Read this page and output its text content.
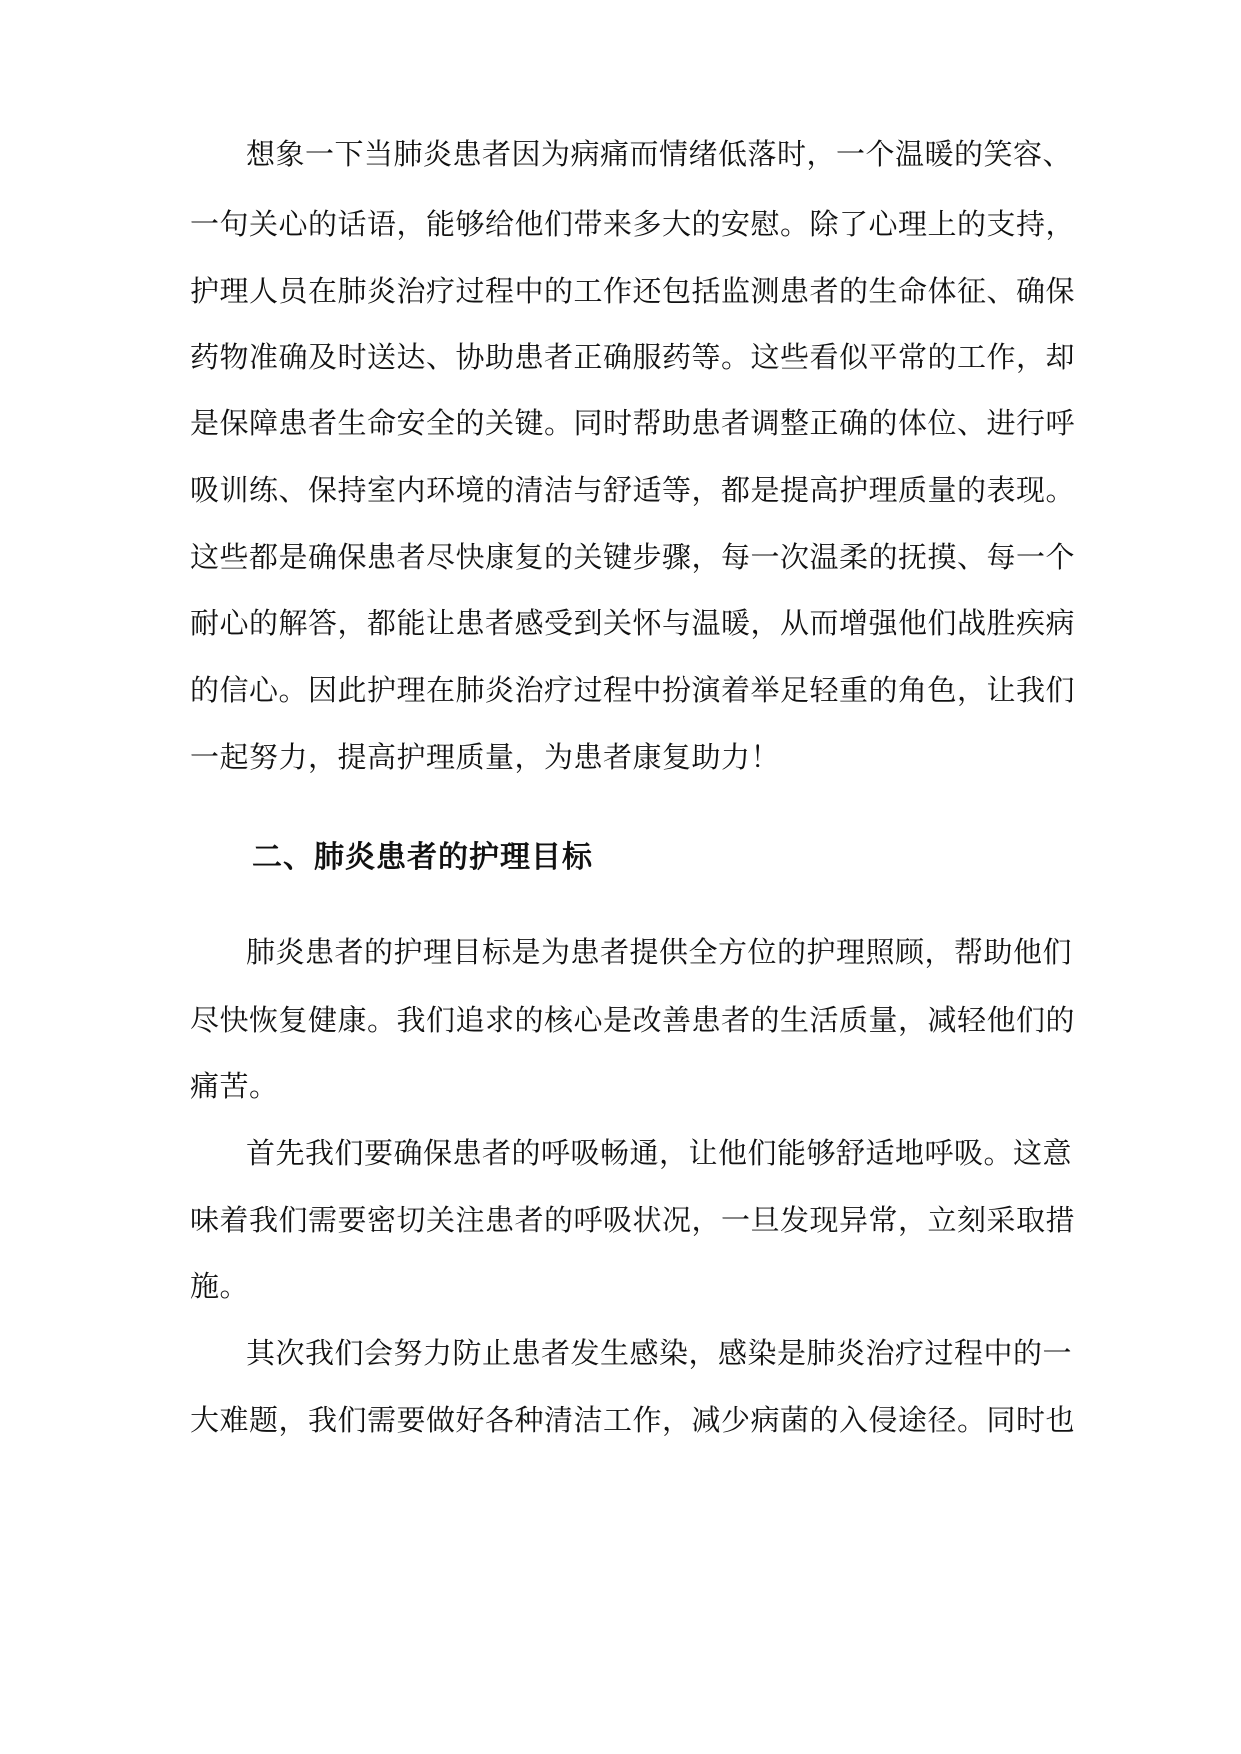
想象一下当肺炎患者因为病痛而情绪低落时，一个温暖的笑容、
一句关心的话语，能够给他们带来多大的安慰。除了心理上的支持，
护理人员在肺炎治疗过程中的工作还包括监测患者的生命体征、确保
药物准确及时送达、协助患者正确服药等。这些看似平常的工作，却
是保障患者生命安全的关键。同时帮助患者调整正确的体位、进行呼
吸训练、保持室内环境的清洁与舒适等，都是提高护理质量的表现。
这些都是确保患者尽快康复的关键步骤，每一次温柔的抚摸、每一个
耐心的解答，都能让患者感受到关怀与温暖，从而增强他们战胜疾病
的信心。因此护理在肺炎治疗过程中扮演着举足轻重的角色，让我们
一起努力，提高护理质量，为患者康复助力！
二、肺炎患者的护理目标
肺炎患者的护理目标是为患者提供全方位的护理照顾，帮助他们
尽快恢复健康。我们追求的核心是改善患者的生活质量，减轻他们的
痛苦。
首先我们要确保患者的呼吸畅通，让他们能够舒适地呼吸。这意
味着我们需要密切关注患者的呼吸状况，一旦发现异常，立刻采取措
施。
其次我们会努力防止患者发生感染，感染是肺炎治疗过程中的一
大难题，我们需要做好各种清洁工作，减少病菌的入侵途径。同时也
